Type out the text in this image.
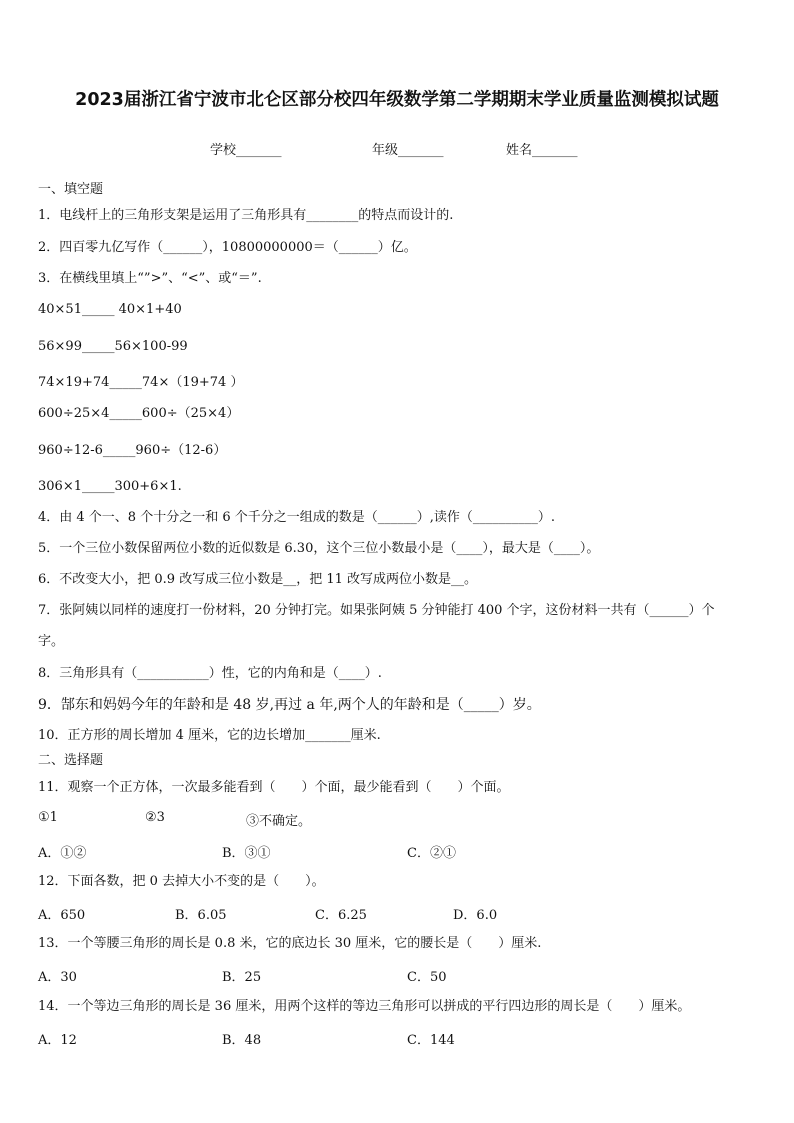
2023届浙江省宁波市北仑区部分校四年级数学第二学期期末学业质量监测模拟试题
学校_______	年级_______	姓名_______
一、填空题
1．电线杆上的三角形支架是运用了三角形具有________的特点而设计的.
2．四百零九亿写作（______），10800000000＝（______）亿。
3．在横线里填上“”>”、“<”、或“＝”.
40×51_____ 40×1+40
56×99_____56×100-99
74×19+74_____74×（19+74 ）
600÷25×4_____600÷（25×4）
960÷12-6_____960÷（12-6）
306×1_____300+6×1.
4．由 4 个一、8 个十分之一和 6 个千分之一组成的数是（______）,读作（__________）.
5．一个三位小数保留两位小数的近似数是 6.30，这个三位小数最小是（____），最大是（____）。
6．不改变大小，把 0.9 改写成三位小数是__，把 11 改写成两位小数是__。
7．张阿姨以同样的速度打一份材料，20 分钟打完。如果张阿姨 5 分钟能打 400 个字，这份材料一共有（______）个
字。
8．三角形具有（___________）性，它的内角和是（____）.
9．郜东和妈妈今年的年龄和是 48 岁,再过 a 年,两个人的年龄和是（_____）岁。
10．正方形的周长增加 4 厘米，它的边长增加_______厘米.
二、选择题
11．观察一个正方体，一次最多能看到（　　）个面，最少能看到（　　）个面。
①1	②3	③不确定。
A．①②	B．③①	C．②①
12．下面各数，把 0 去掉大小不变的是（　　）。
A．650	B．6.05	C．6.25	D．6.0
13．一个等腰三角形的周长是 0.8 米，它的底边长 30 厘米，它的腰长是（　　）厘米.
A．30	B．25	C．50
14．一个等边三角形的周长是 36 厘米，用两个这样的等边三角形可以拼成的平行四边形的周长是（　　）厘米。
A．12	B．48	C．144
